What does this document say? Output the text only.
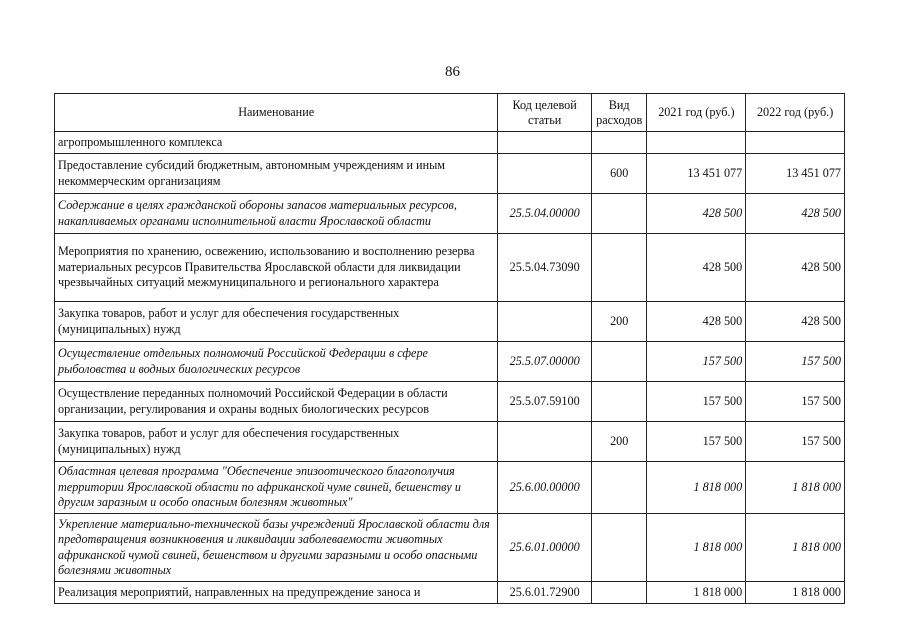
86
Наименование	Код целевой статьи	Вид расходов	2021 год (руб.)	2022 год (руб.)
агропромышленного комплекса				
Предоставление субсидий бюджетным, автономным учреждениям и иным некоммерческим организациям		600	13 451 077	13 451 077
Содержание в целях гражданской обороны запасов материальных ресурсов, накапливаемых органами исполнительной власти Ярославской области	25.5.04.00000		428 500	428 500
Мероприятия по хранению, освежению, использованию и восполнению резерва материальных ресурсов Правительства Ярославской области для ликвидации чрезвычайных ситуаций межмуниципального и регионального характера	25.5.04.73090		428 500	428 500
Закупка товаров, работ и услуг для обеспечения государственных (муниципальных) нужд		200	428 500	428 500
Осуществление отдельных полномочий Российской Федерации в сфере рыболовства и водных биологических ресурсов	25.5.07.00000		157 500	157 500
Осуществление переданных полномочий Российской Федерации в области организации, регулирования и охраны водных биологических ресурсов	25.5.07.59100		157 500	157 500
Закупка товаров, работ и услуг для обеспечения государственных (муниципальных) нужд		200	157 500	157 500
Областная целевая программа "Обеспечение эпизоотического благополучия территории Ярославской области по африканской чуме свиней, бешенству и другим заразным и особо опасным болезням животных"	25.6.00.00000		1 818 000	1 818 000
Укрепление материально-технической базы учреждений Ярославской области для предотвращения возникновения и ликвидации заболеваемости животных африканской чумой свиней, бешенством и другими заразными и особо опасными болезнями животных	25.6.01.00000		1 818 000	1 818 000
Реализация мероприятий, направленных на предупреждение заноса и	25.6.01.72900		1 818 000	1 818 000
